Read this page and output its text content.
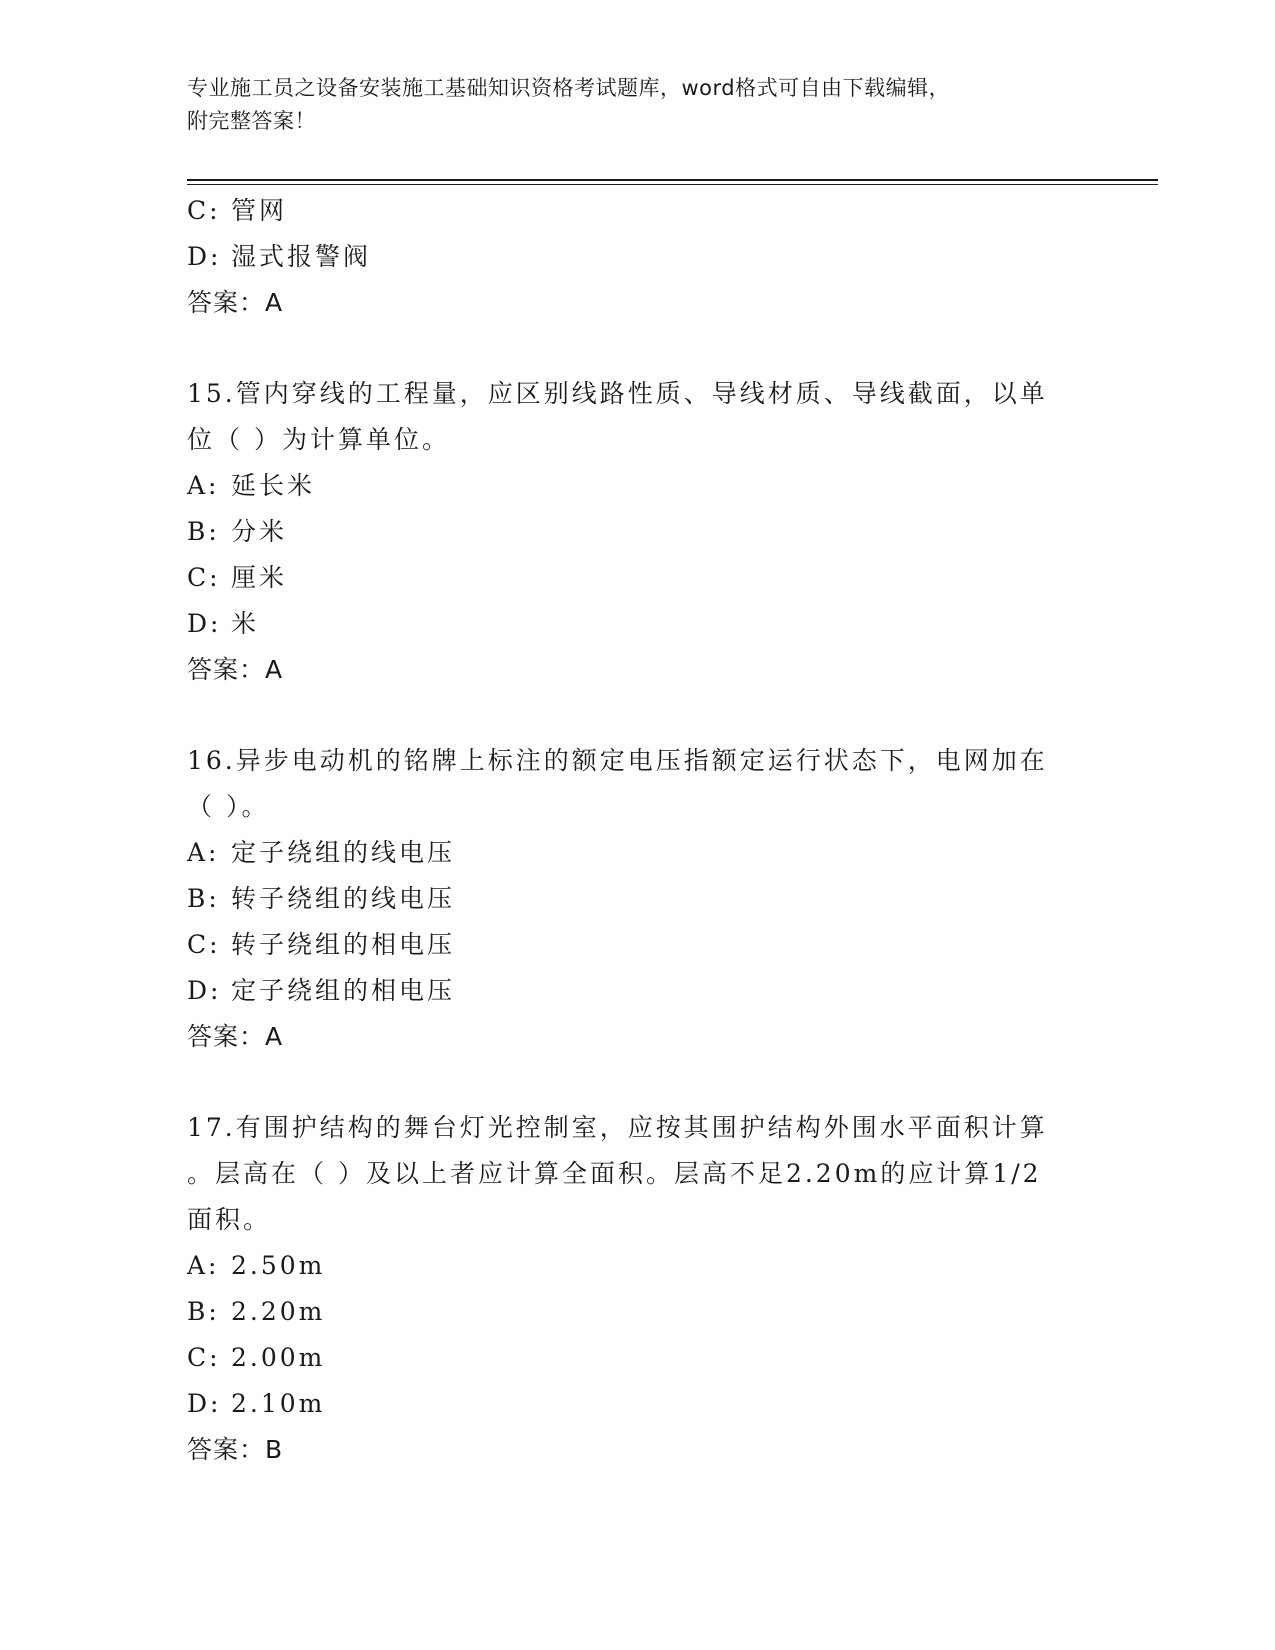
专业施工员之设备安装施工基础知识资格考试题库，word格式可自由下载编辑，
附完整答案！
C: 管网
D: 湿式报警阀
答案：A
15.管内穿线的工程量，应区别线路性质、导线材质、导线截面，以单
位（ ）为计算单位。
A: 延长米
B: 分米
C: 厘米
D: 米
答案：A
16.异步电动机的铭牌上标注的额定电压指额定运行状态下，电网加在
（ ）。
A: 定子绕组的线电压
B: 转子绕组的线电压
C: 转子绕组的相电压
D: 定子绕组的相电压
答案：A
17.有围护结构的舞台灯光控制室，应按其围护结构外围水平面积计算
。层高在（ ）及以上者应计算全面积。层高不足2.20m的应计算1/2
面积。
A: 2.50m
B: 2.20m
C: 2.00m
D: 2.10m
答案：B
